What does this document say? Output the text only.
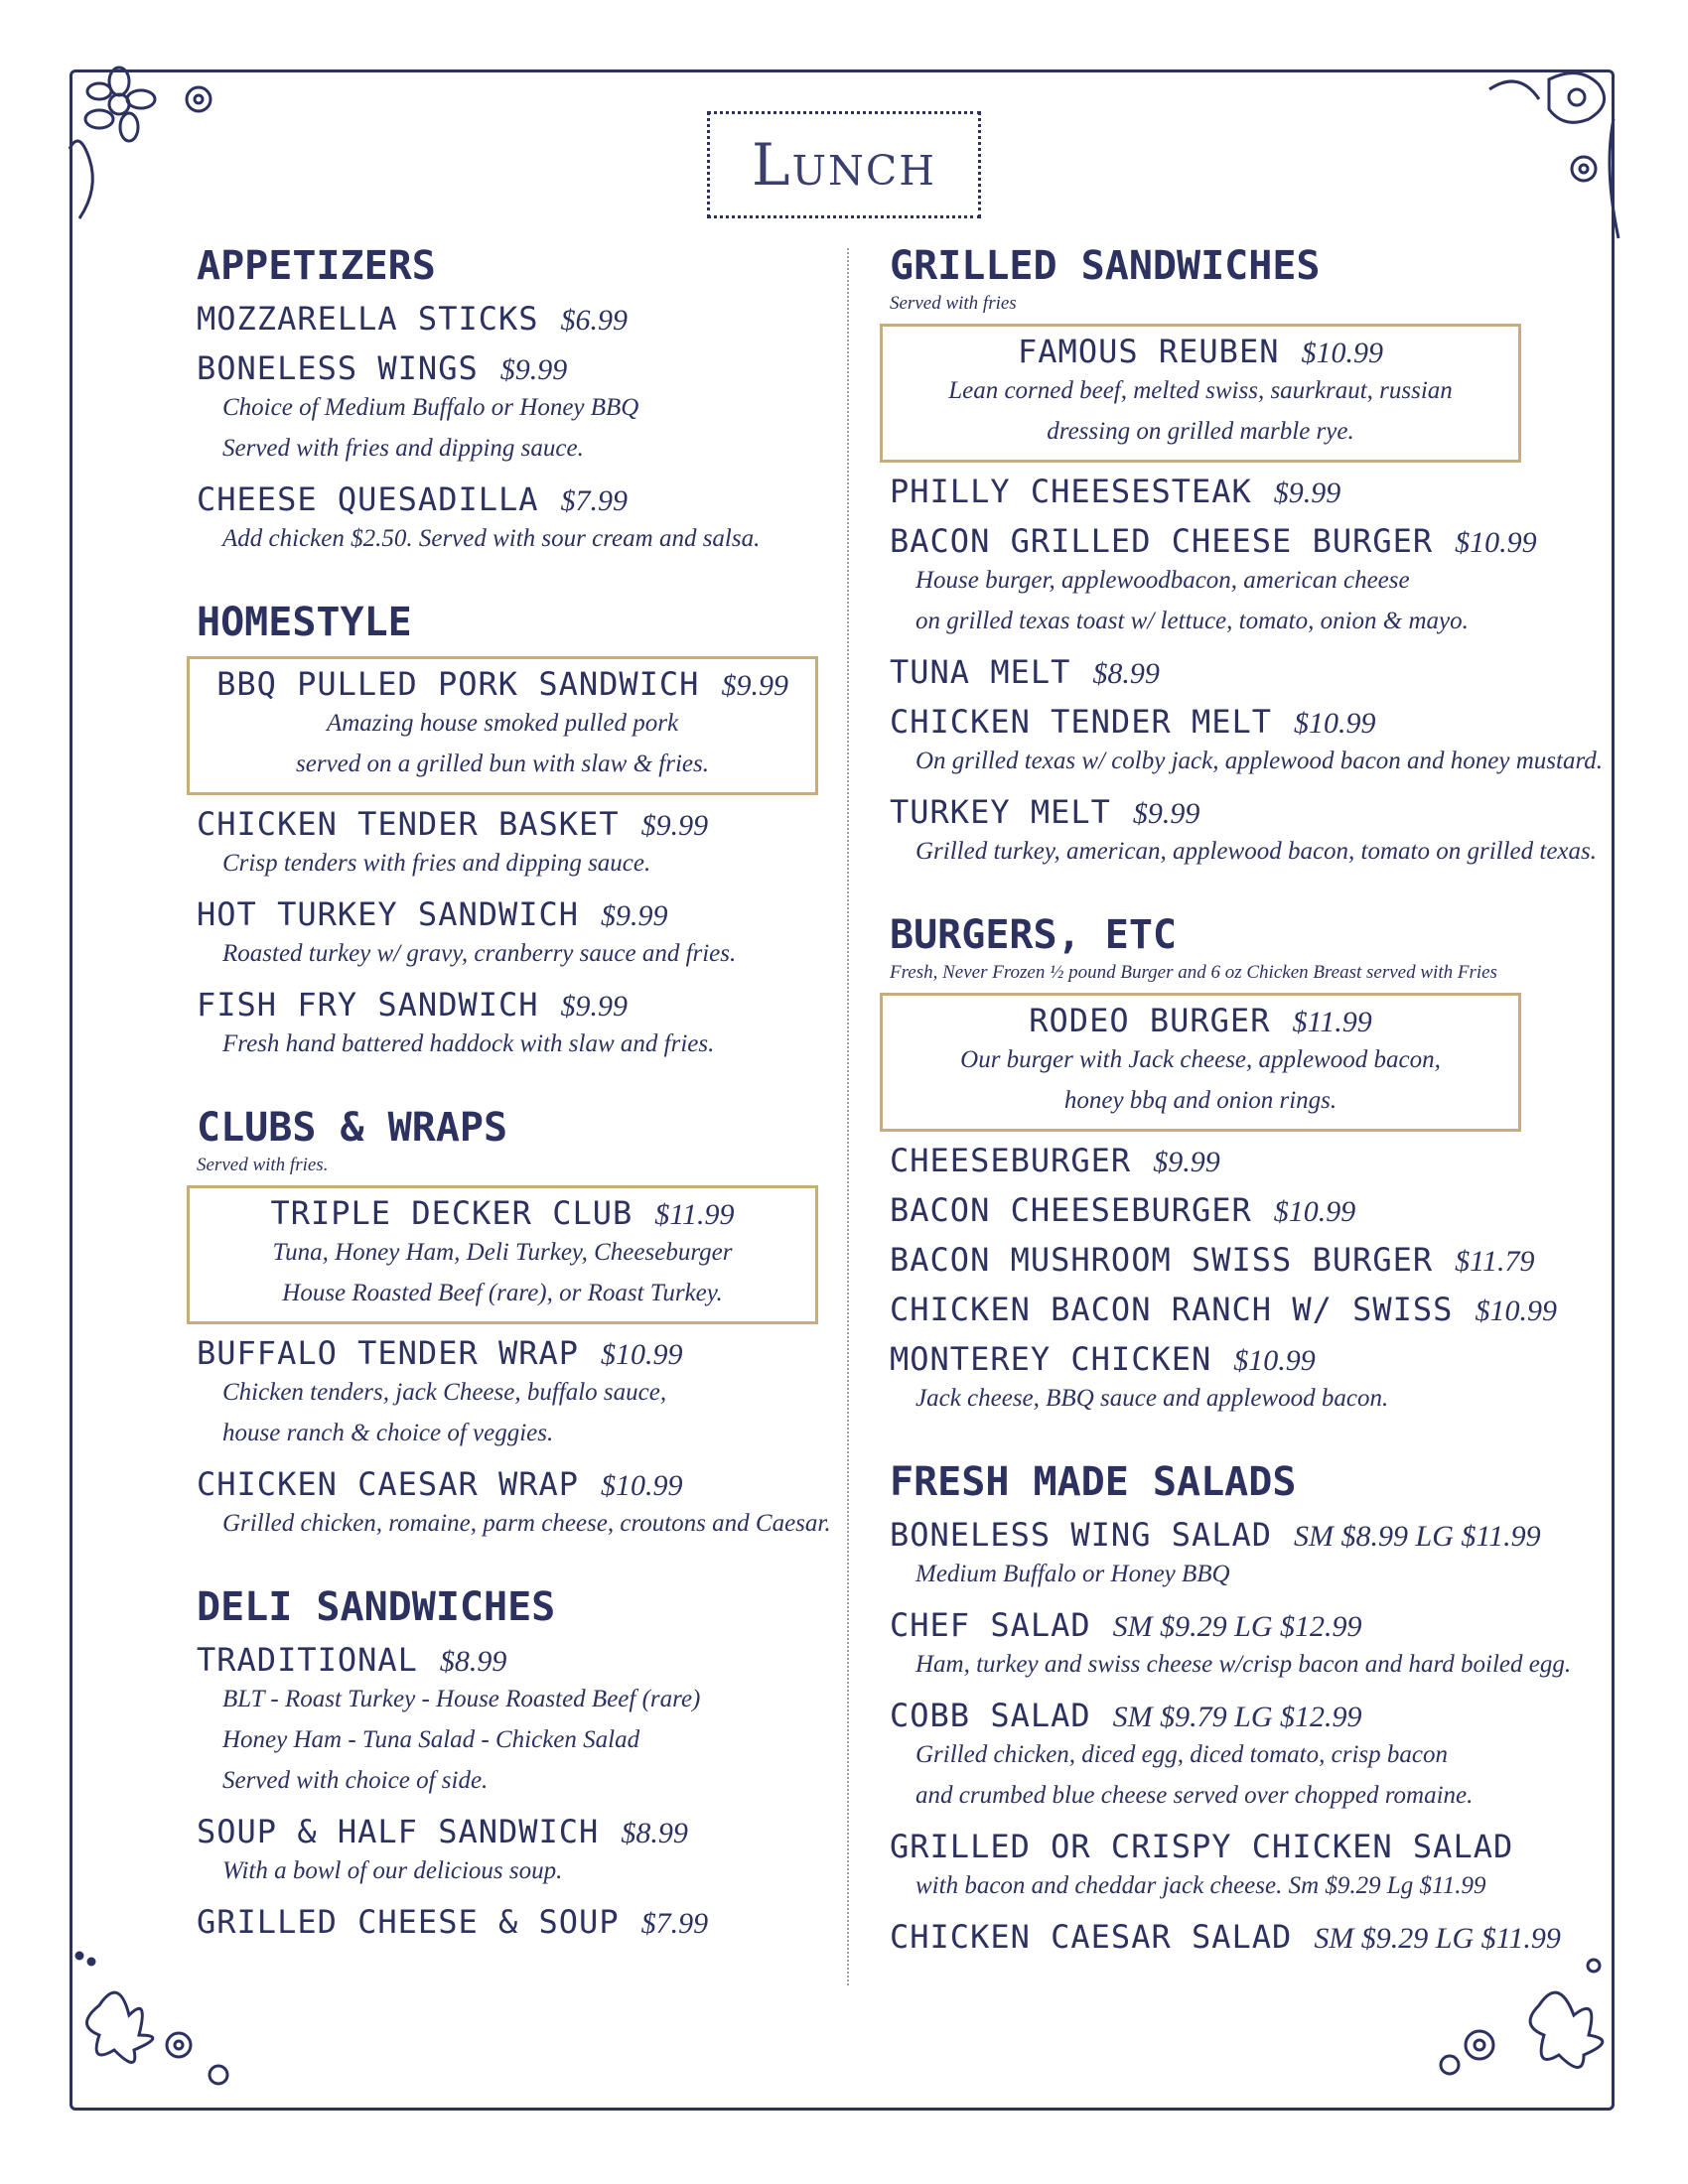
Lunch
APPETIZERS
MOZZARELLA STICKS $6.99
BONELESS WINGS $9.99
Choice of Medium Buffalo or Honey BBQ
Served with fries and dipping sauce.
CHEESE QUESADILLA $7.99
Add chicken $2.50. Served with sour cream and salsa.
HOMESTYLE
BBQ PULLED PORK SANDWICH $9.99
Amazing house smoked pulled pork
served on a grilled bun with slaw & fries.
CHICKEN TENDER BASKET $9.99
Crisp tenders with fries and dipping sauce.
HOT TURKEY SANDWICH $9.99
Roasted turkey w/ gravy, cranberry sauce and fries.
FISH FRY SANDWICH $9.99
Fresh hand battered haddock with slaw and fries.
CLUBS & WRAPS
Served with fries.
TRIPLE DECKER CLUB $11.99
Tuna, Honey Ham, Deli Turkey, Cheeseburger
House Roasted Beef (rare), or Roast Turkey.
BUFFALO TENDER WRAP $10.99
Chicken tenders, jack Cheese, buffalo sauce,
house ranch & choice of veggies.
CHICKEN CAESAR WRAP $10.99
Grilled chicken, romaine, parm cheese, croutons and Caesar.
DELI SANDWICHES
TRADITIONAL $8.99
BLT - Roast Turkey - House Roasted Beef (rare)
Honey Ham - Tuna Salad - Chicken Salad
Served with choice of side.
SOUP & HALF SANDWICH $8.99
With a bowl of our delicious soup.
GRILLED CHEESE & SOUP $7.99
GRILLED SANDWICHES
Served with fries
FAMOUS REUBEN $10.99
Lean corned beef, melted swiss, saurkraut, russian
dressing on grilled marble rye.
PHILLY CHEESESTEAK $9.99
BACON GRILLED CHEESE BURGER $10.99
House burger, applewoodbacon, american cheese
on grilled texas toast w/ lettuce, tomato, onion & mayo.
TUNA MELT $8.99
CHICKEN TENDER MELT $10.99
On grilled texas w/ colby jack, applewood bacon and honey mustard.
TURKEY MELT $9.99
Grilled turkey, american, applewood bacon, tomato on grilled texas.
BURGERS, ETC
Fresh, Never Frozen ½ pound Burger and 6 oz Chicken Breast served with Fries
RODEO BURGER $11.99
Our burger with Jack cheese, applewood bacon,
honey bbq and onion rings.
CHEESEBURGER $9.99
BACON CHEESEBURGER $10.99
BACON MUSHROOM SWISS BURGER $11.79
CHICKEN BACON RANCH W/ SWISS $10.99
MONTEREY CHICKEN $10.99
Jack cheese, BBQ sauce and applewood bacon.
FRESH MADE SALADS
BONELESS WING SALAD SM $8.99 LG $11.99
Medium Buffalo or Honey BBQ
CHEF SALAD SM $9.29 LG $12.99
Ham, turkey and swiss cheese w/crisp bacon and hard boiled egg.
COBB SALAD SM $9.79 LG $12.99
Grilled chicken, diced egg, diced tomato, crisp bacon
and crumbed blue cheese served over chopped romaine.
GRILLED OR CRISPY CHICKEN SALAD
with bacon and cheddar jack cheese. Sm $9.29 Lg $11.99
CHICKEN CAESAR SALAD SM $9.29 LG $11.99
